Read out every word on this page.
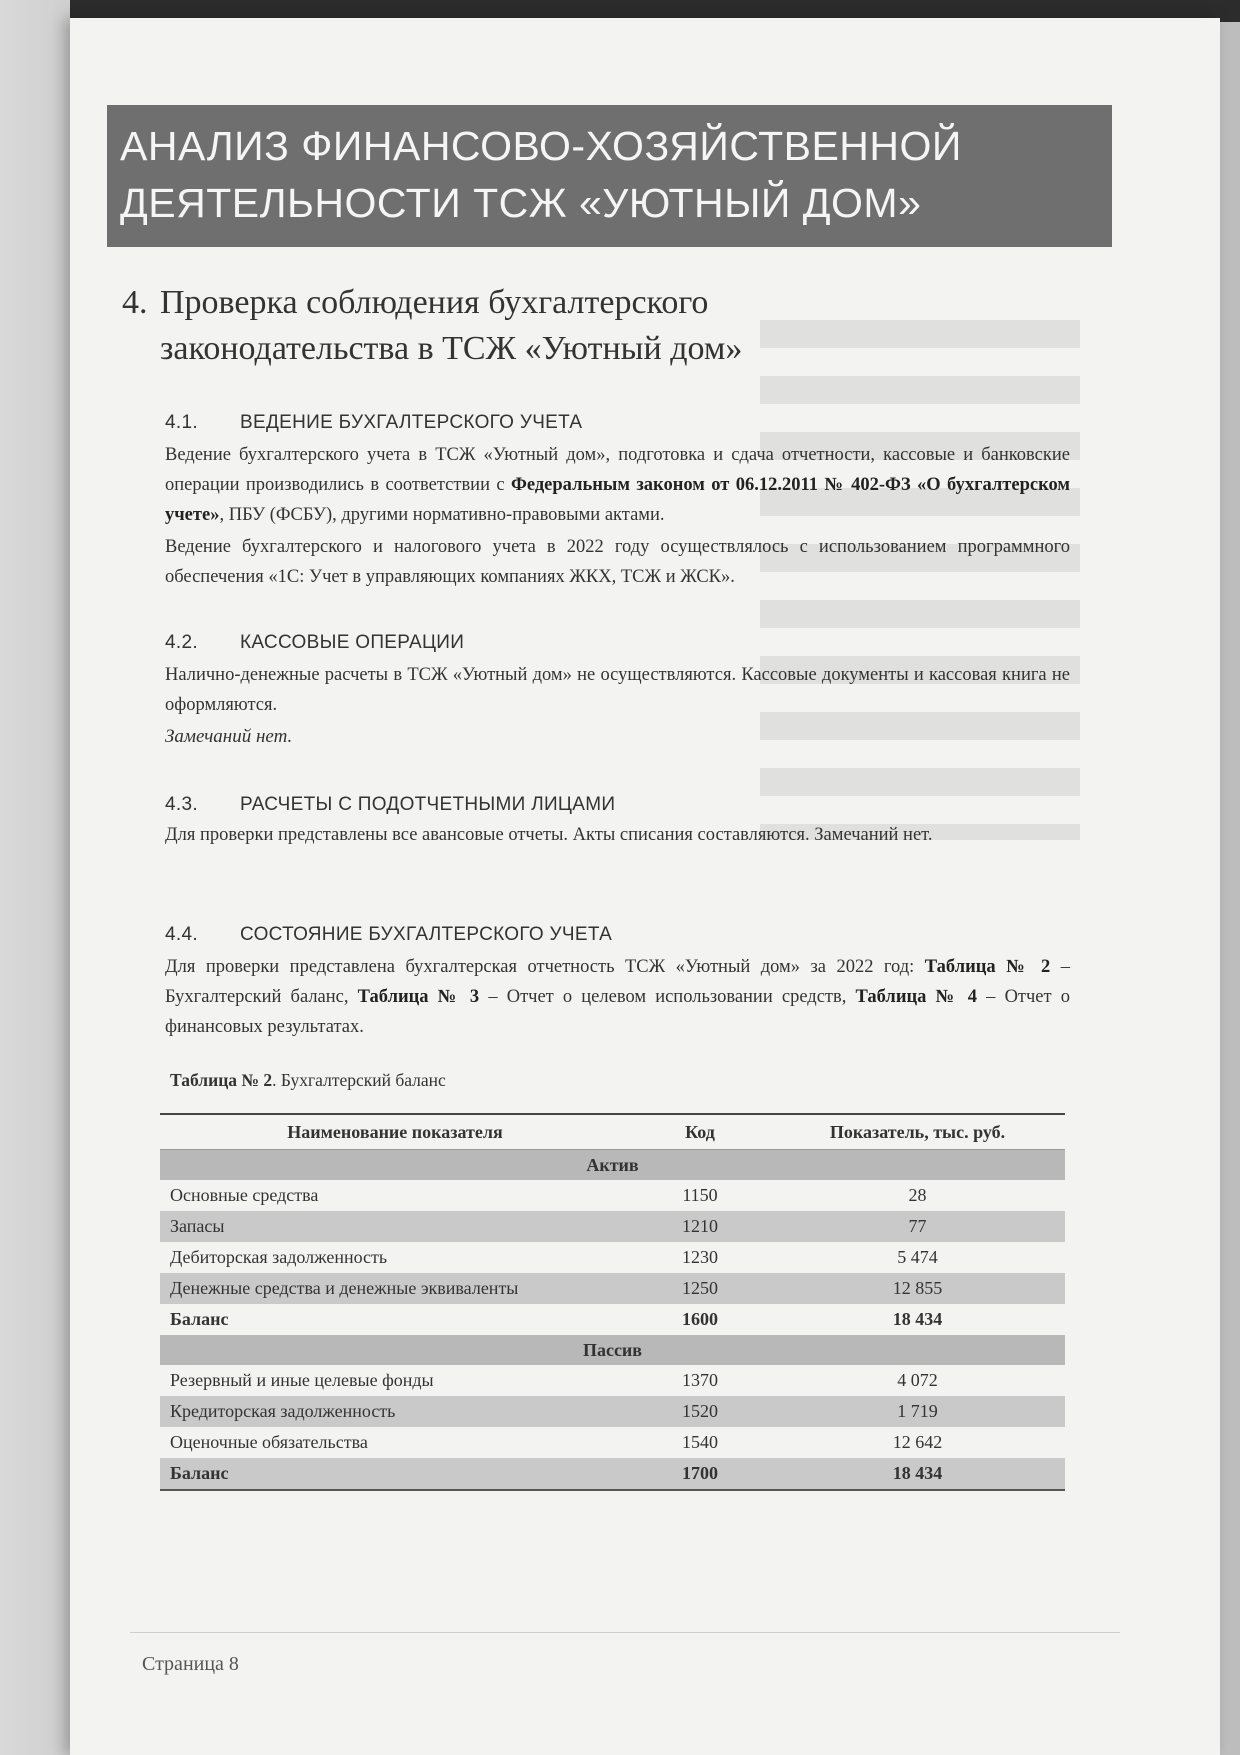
АНАЛИЗ ФИНАНСОВО-ХОЗЯЙСТВЕННОЙ
ДЕЯТЕЛЬНОСТИ ТСЖ «УЮТНЫЙ ДОМ»
4. Проверка соблюдения бухгалтерского
законодательства в ТСЖ «Уютный дом»
4.1. ВЕДЕНИЕ БУХГАЛТЕРСКОГО УЧЕТА
Ведение бухгалтерского учета в ТСЖ «Уютный дом», подготовка и сдача отчетности, кассовые и банковские операции производились в соответствии с Федеральным законом от 06.12.2011 № 402-ФЗ «О бухгалтерском учете», ПБУ (ФСБУ), другими нормативно-правовыми актами.
Ведение бухгалтерского и налогового учета в 2022 году осуществлялось с использованием программного обеспечения «1С: Учет в управляющих компаниях ЖКХ, ТСЖ и ЖСК».
4.2. КАССОВЫЕ ОПЕРАЦИИ
Налично-денежные расчеты в ТСЖ «Уютный дом» не осуществляются. Кассовые документы и кассовая книга не оформляются.
Замечаний нет.
4.3. РАСЧЕТЫ С ПОДОТЧЕТНЫМИ ЛИЦАМИ
Для проверки представлены все авансовые отчеты. Акты списания составляются. Замечаний нет.
4.4. СОСТОЯНИЕ БУХГАЛТЕРСКОГО УЧЕТА
Для проверки представлена бухгалтерская отчетность ТСЖ «Уютный дом» за 2022 год: Таблица № 2 – Бухгалтерский баланс, Таблица № 3 – Отчет о целевом использовании средств, Таблица № 4 – Отчет о финансовых результатах.
Таблица № 2. Бухгалтерский баланс
Наименование показателя	Код	Показатель, тыс. руб.
Актив		
Основные средства	1150	28
Запасы	1210	77
Дебиторская задолженность	1230	5 474
Денежные средства и денежные эквиваленты	1250	12 855
Баланс	1600	18 434
Пассив		
Резервный и иные целевые фонды	1370	4 072
Кредиторская задолженность	1520	1 719
Оценочные обязательства	1540	12 642
Баланс	1700	18 434
Страница 8
